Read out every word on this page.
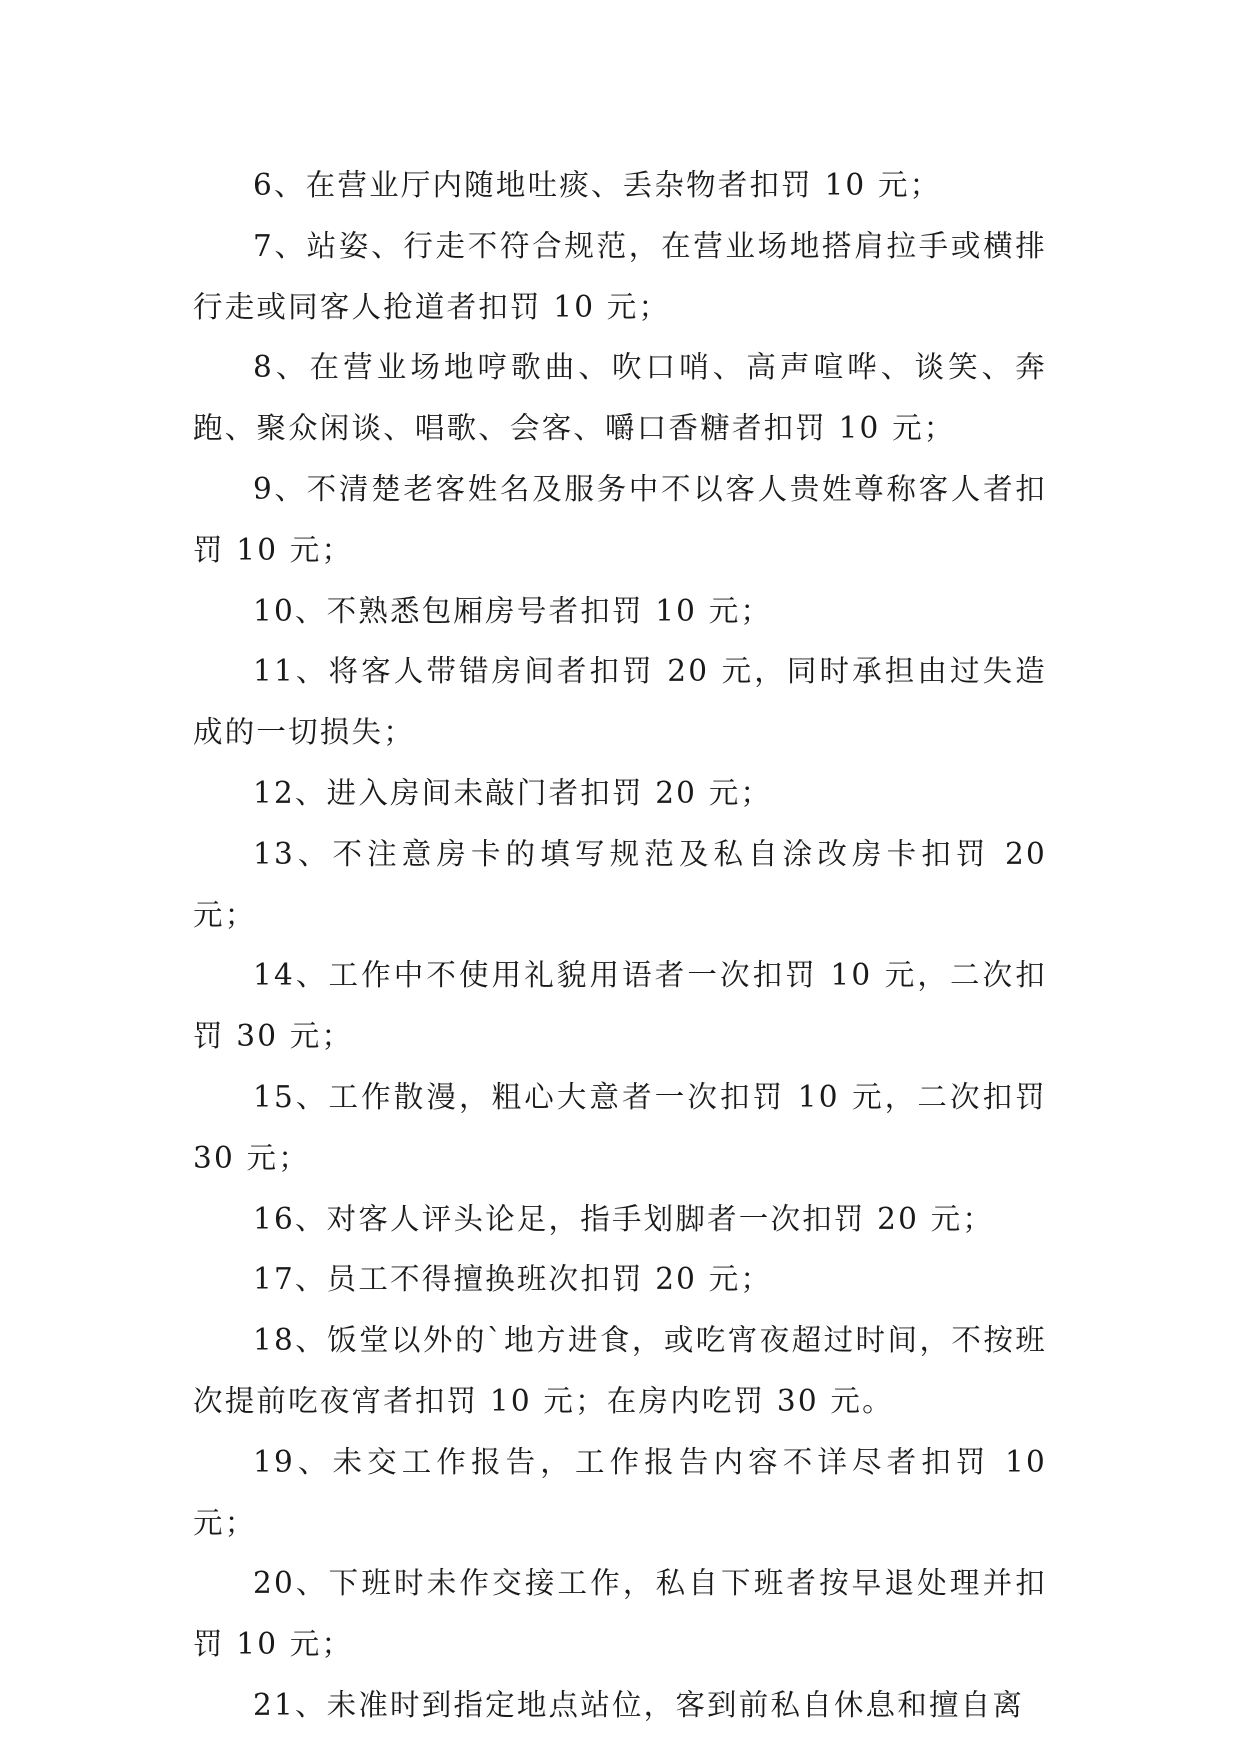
6、在营业厅内随地吐痰、丢杂物者扣罚 10 元；

7、站姿、行走不符合规范，在营业场地搭肩拉手或横排行走或同客人抢道者扣罚 10 元；

8、在营业场地哼歌曲、吹口哨、高声喧哗、谈笑、奔跑、聚众闲谈、唱歌、会客、嚼口香糖者扣罚 10 元；

9、不清楚老客姓名及服务中不以客人贵姓尊称客人者扣罚 10 元；

10、不熟悉包厢房号者扣罚 10 元；

11、将客人带错房间者扣罚 20 元，同时承担由过失造成的一切损失；

12、进入房间未敲门者扣罚 20 元；

13、不注意房卡的填写规范及私自涂改房卡扣罚 20 元；

14、工作中不使用礼貌用语者一次扣罚 10 元，二次扣罚 30 元；

15、工作散漫，粗心大意者一次扣罚 10 元，二次扣罚 30 元；

16、对客人评头论足，指手划脚者一次扣罚 20 元；

17、员工不得擅换班次扣罚 20 元；

18、饭堂以外的`地方进食，或吃宵夜超过时间，不按班次提前吃夜宵者扣罚 10 元；在房内吃罚 30 元。

19、未交工作报告，工作报告内容不详尽者扣罚 10 元；

20、下班时未作交接工作，私自下班者按早退处理并扣罚 10 元；

21、未准时到指定地点站位，客到前私自休息和擅自离
